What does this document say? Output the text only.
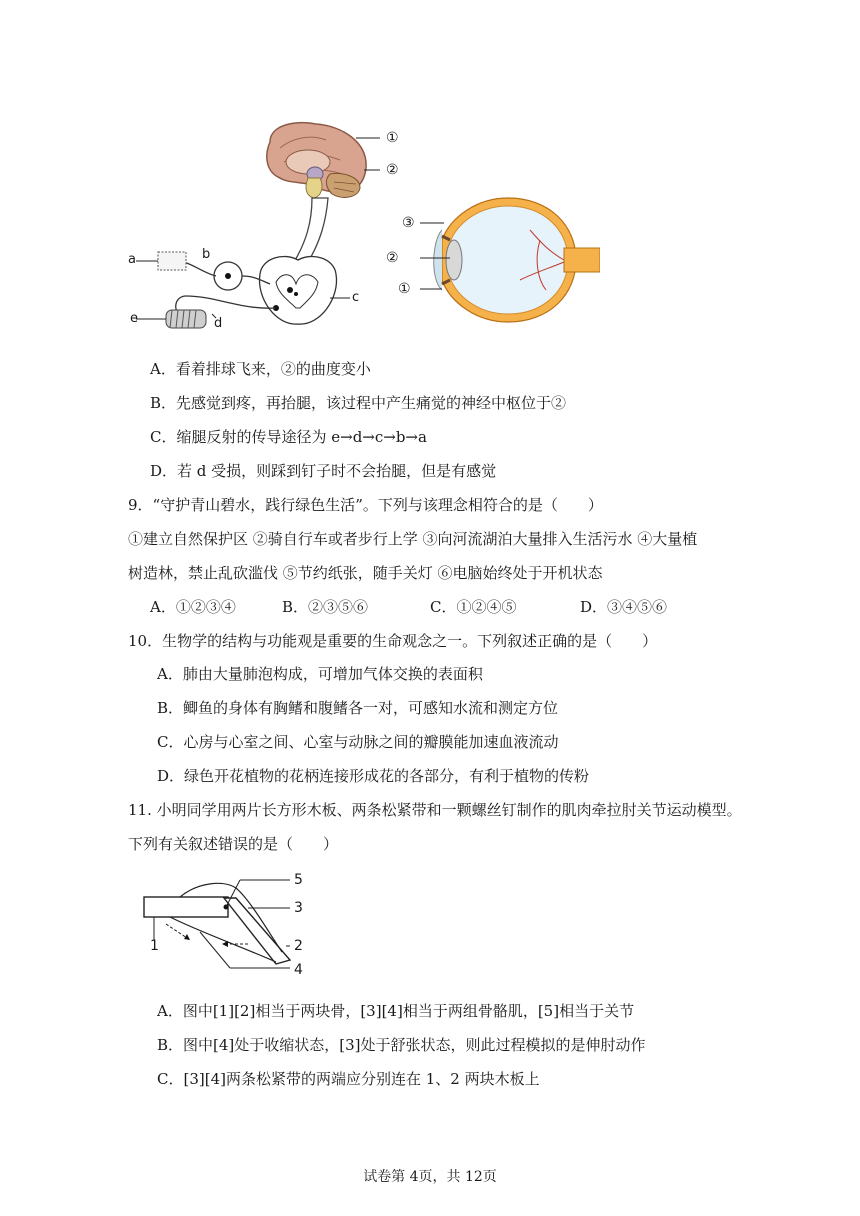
①
②
a	b
c
d
e
③
②
①
A．看着排球飞来，②的曲度变小
B．先感觉到疼，再抬腿，该过程中产生痛觉的神经中枢位于②
C．缩腿反射的传导途径为 e→d→c→b→a
D．若 d 受损，则踩到钉子时不会抬腿，但是有感觉
9．“守护青山碧水，践行绿色生活”。下列与该理念相符合的是（　　）
①建立自然保护区 ②骑自行车或者步行上学 ③向河流湖泊大量排入生活污水 ④大量植
树造林，禁止乱砍滥伐 ⑤节约纸张，随手关灯 ⑥电脑始终处于开机状态
A．①②③④	B．②③⑤⑥	C．①②④⑤	D．③④⑤⑥
10．生物学的结构与功能观是重要的生命观念之一。下列叙述正确的是（　　）
A．肺由大量肺泡构成，可增加气体交换的表面积
B．鲫鱼的身体有胸鳍和腹鳍各一对，可感知水流和测定方位
C．心房与心室之间、心室与动脉之间的瓣膜能加速血液流动
D．绿色开花植物的花柄连接形成花的各部分，有利于植物的传粉
11. 小明同学用两片长方形木板、两条松紧带和一颗螺丝钉制作的肌肉牵拉肘关节运动模型。
下列有关叙述错误的是（　　）
5
3
1	2
4
A．图中[1][2]相当于两块骨，[3][4]相当于两组骨骼肌，[5]相当于关节
B．图中[4]处于收缩状态，[3]处于舒张状态，则此过程模拟的是伸肘动作
C．[3][4]两条松紧带的两端应分别连在 1、2 两块木板上
试卷第 4页，共 12页
